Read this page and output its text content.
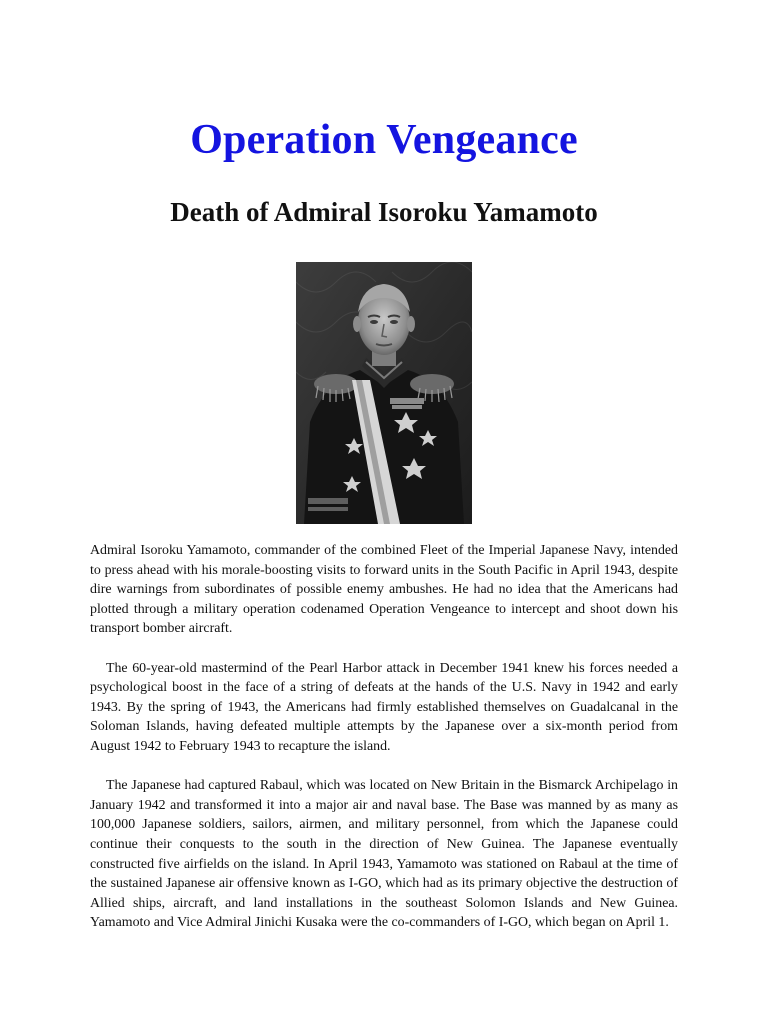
Operation Vengeance
Death of Admiral Isoroku Yamamoto

Admiral Isoroku Yamamoto, commander of the combined Fleet of the Imperial Japanese Navy, intended to press ahead with his morale-boosting visits to forward units in the South Pacific in April 1943, despite dire warnings from subordinates of possible enemy ambushes. He had no idea that the Americans had plotted through a military operation codenamed Operation Vengeance to intercept and shoot down his transport bomber aircraft.

The 60-year-old mastermind of the Pearl Harbor attack in December 1941 knew his forces needed a psychological boost in the face of a string of defeats at the hands of the U.S. Navy in 1942 and early 1943. By the spring of 1943, the Americans had firmly established themselves on Guadalcanal in the Soloman Islands, having defeated multiple attempts by the Japanese over a six-month period from August 1942 to February 1943 to recapture the island.

The Japanese had captured Rabaul, which was located on New Britain in the Bismarck Archipelago in January 1942 and transformed it into a major air and naval base. The Base was manned by as many as 100,000 Japanese soldiers, sailors, airmen, and military personnel, from which the Japanese could continue their conquests to the south in the direction of New Guinea. The Japanese eventually constructed five airfields on the island. In April 1943, Yamamoto was stationed on Rabaul at the time of the sustained Japanese air offensive known as I-GO, which had as its primary objective the destruction of Allied ships, aircraft, and land installations in the southeast Solomon Islands and New Guinea. Yamamoto and Vice Admiral Jinichi Kusaka were the co-commanders of I-GO, which began on April 1.
